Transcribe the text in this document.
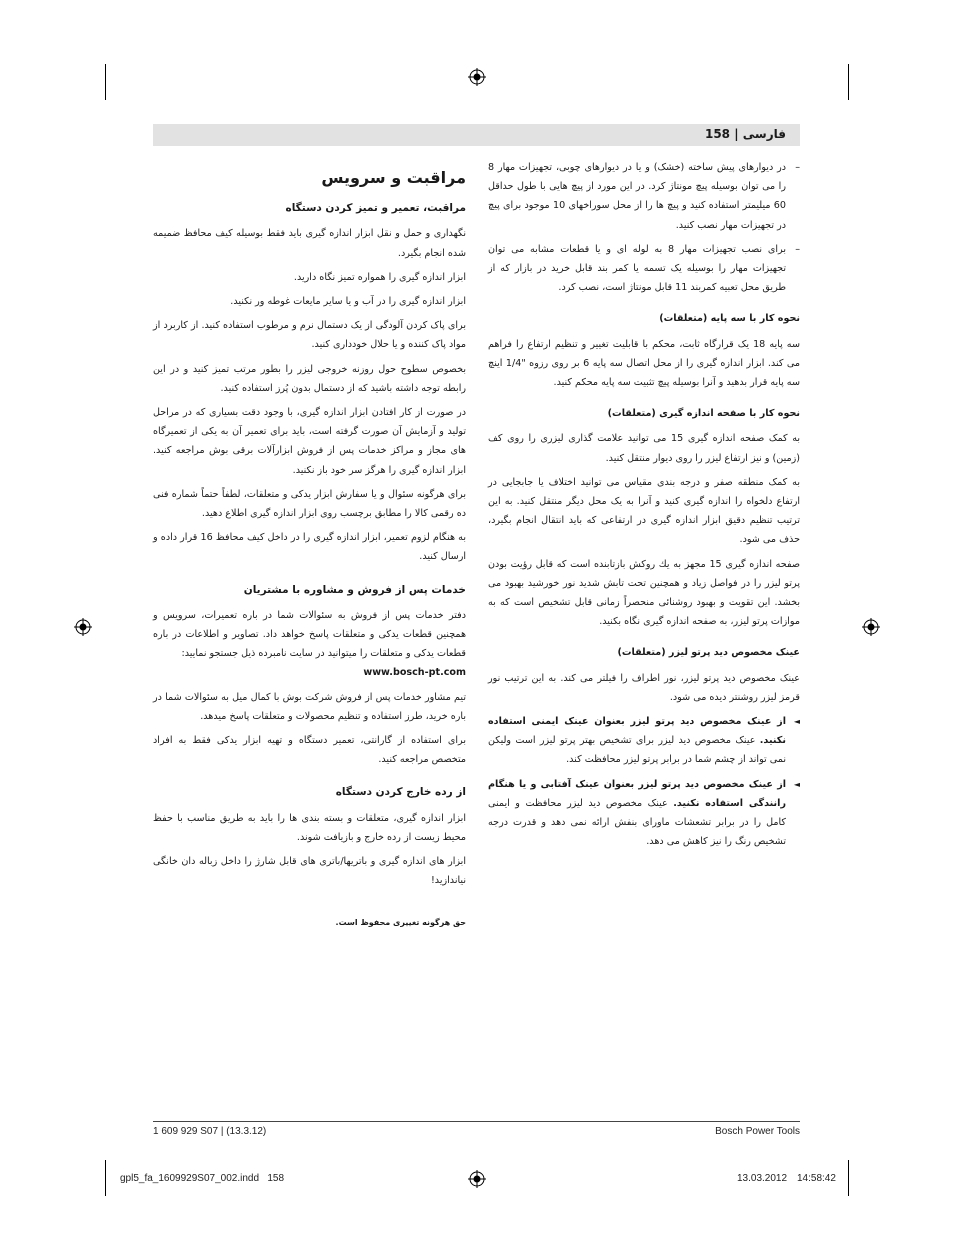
فارسی | 158

– در دیوارهای پیش ساخته (خشک) و یا در دیوارهای چوبی، تجهیزات مهار 8 را می توان بوسیله پیچ مونتاژ کرد. در این مورد از پیچ هایی با طول حداقل 60 میلیمتر استفاده کنید و پیچ ها را از محل سوراخهای 10 موجود برای پیچ در تجهیزات مهار نصب کنید.

– برای نصب تجهیزات مهار 8 به لوله ای و یا قطعات مشابه می توان تجهیزات مهار را بوسیله یک تسمه یا کمر بند قابل خرید در بازار که از طریق محل تعبیه کمربند 11 قابل مونتاژ است، نصب کرد.

نحوه کار با سه پایه (متعلقات)

سه پایه 18 یک قرارگاه ثابت، محکم با قابلیت تغییر و تنظیم ارتفاع را فراهم می کند. ابزار اندازه گیری را از محل اتصال سه پایه 6 بر روی رزوه "1/4 اینچ سه پایه قرار بدهید و آنرا بوسیله پیچ تثبیت سه پایه محکم کنید.

نحوه کار با صفحه اندازه گیری (متعلقات)

به کمک صفحه اندازه گیری 15 می توانید علامت گذاری لیزری را روی کف (زمین) و نیز ارتفاع لیزر را روی دیوار منتقل کنید.

به کمک منطقه صفر و درجه بندی مقیاس می توانید اختلاف یا جابجایی در ارتفاع دلخواه را اندازه گیری کنید و آنرا به یک محل دیگر منتقل کنید. به این ترتیب تنظیم دقیق ابزار اندازه گیری در ارتفاعی که باید انتقال انجام بگیرد، حذف می شود.

صفحه اندازه گیری 15 مجهز به یك روكش بازتابنده است كه قابل رؤیت بودن پرتو لیزر را در فواصل زیاد و همچنین تحت تابش شدید نور خورشید بهبود می بخشد. این تقویت و بهبود روشنائی منحصراً زمانی قابل تشخیص است که به موازات پرتو لیزر، به صفحه اندازه گیری نگاه بکنید.

عینک مخصوص دید پرتو لیزر (متعلقات)

عینک مخصوص دید پرتو لیزر، نور اطراف را فیلتر می کند. به این ترتیب نور قرمز لیزر روشنتر دیده می شود.

◄ از عینک مخصوص دید پرتو لیزر بعنوان عینک ایمنی استفاده نکنید. عینک مخصوص دید لیزر برای تشخیص بهتر پرتو لیزر است ولیکن نمی تواند از چشم شما در برابر پرتو لیزر محافظت کند.

◄ از عینک مخصوص دید پرتو لیزر بعنوان عینک آفتابی و یا هنگام رانندگی استفاده نکنید. عینک مخصوص دید لیزر محافظت و ایمنی کامل را در برابر تشعشات ماورای بنفش ارائه نمی دهد و قدرت درجه تشخیص رنگ را نیز کاهش می دهد.

مراقبت و سرویس
مراقبت، تعمیر و تمیز کردن دستگاه

نگهداری و حمل و نقل ابزار اندازه گیری باید فقط بوسیله کیف محافظ ضمیمه شده انجام بگیرد.

ابزار اندازه گیری را همواره تمیز نگاه دارید.

ابزار اندازه گیری را در آب و یا سایر مایعات غوطه ور نکنید.

برای پاک کردن آلودگی از یک دستمال نرم و مرطوب استفاده کنید. از کاربرد از مواد پاک کننده و یا حلال خودداری کنید.

بخصوص سطوح حول روزنه خروجی لیزر را بطور مرتب تمیز کنید و در این رابطه توجه داشته باشید که از دستمال بدون پُرز استفاده کنید.

در صورت از کار افتادن ابزار اندازه گیری، با وجود دقت بسیاری که در مراحل تولید و آزمایش آن صورت گرفته است، باید برای تعمیر آن به یکی از تعمیرگاه های مجاز و مراکز خدمات پس از فروش ابزارآلات برقی بوش مراجعه کنید. ابزار اندازه گیری را هرگز سر خود باز نکنید.

برای هرگونه سئوال و یا سفارش ابزار یدکی و متعلقات، لطفاً حتماً شماره فنی ده رقمی کالا را مطابق برچسب روی ابزار اندازه گیری اطلاع دهید.

به هنگام لزوم تعمیر، ابزار اندازه گیری را در داخل کیف محافظ 16 قرار داده و ارسال کنید.

خدمات پس از فروش و مشاوره با مشتریان

دفتر خدمات پس از فروش به سئوالات شما در باره تعمیرات، سرویس و همچنین قطعات یدکی و متعلقات پاسخ خواهد داد. تصاویر و اطلاعات در باره قطعات یدکی و متعلقات را میتوانید در سایت نامبرده ذیل جستجو نمایید:

www.bosch-pt.com

تیم مشاور خدمات پس از فروش شرکت بوش با کمال میل به سئوالات شما در باره خرید، طرز استفاده و تنظیم محصولات و متعلقات پاسخ میدهد.

برای استفاده از گارانتی، تعمیر دستگاه و تهیه ابزار یدکی فقط به افراد متخصص مراجعه کنید.

از رده خارج کردن دستگاه

ابزار اندازه گیری، متعلقات و بسته بندی ها را باید به طریق مناسب با حفظ محیط زیست از رده خارج و بازیافت شوند.

ابزار های اندازه گیری و باتریها/باتری های قابل شارژ را داخل زباله دان خانگی نیاندازید!

حق هرگونه تغییری محفوظ است.

1 609 929 S07 | (13.3.12)	Bosch Power Tools
gpl5_fa_1609929S07_002.indd   158	13.03.2012 14:58:42
